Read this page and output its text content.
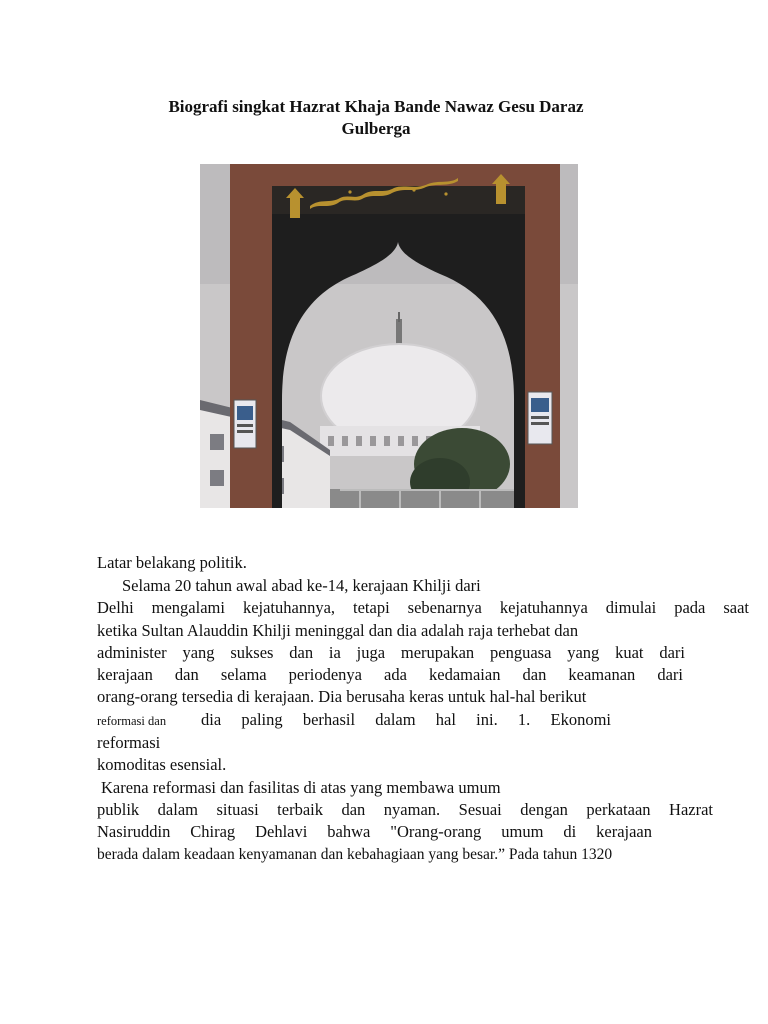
Biografi singkat Hazrat Khaja Bande Nawaz Gesu Daraz
Gulberga
Latar belakang politik.
Selama 20 tahun awal abad ke-14, kerajaan Khilji dari
Delhi mengalami kejatuhannya, tetapi sebenarnya kejatuhannya dimulai pada saat
ketika Sultan Alauddin Khilji meninggal dan dia adalah raja terhebat dan
administer yang sukses dan ia juga merupakan penguasa yang kuat dari
kerajaan dan selama periodenya ada kedamaian dan keamanan dari
orang-orang tersedia di kerajaan. Dia berusaha keras untuk hal-hal berikut
reformasi dan dia paling berhasil dalam hal ini. 1. Ekonomi
reformasi
komoditas esensial.
Karena reformasi dan fasilitas di atas yang membawa umum
publik dalam situasi terbaik dan nyaman. Sesuai dengan perkataan Hazrat
Nasiruddin Chirag Dehlavi bahwa "Orang-orang umum di kerajaan
berada dalam keadaan kenyamanan dan kebahagiaan yang besar.” Pada tahun 1320
